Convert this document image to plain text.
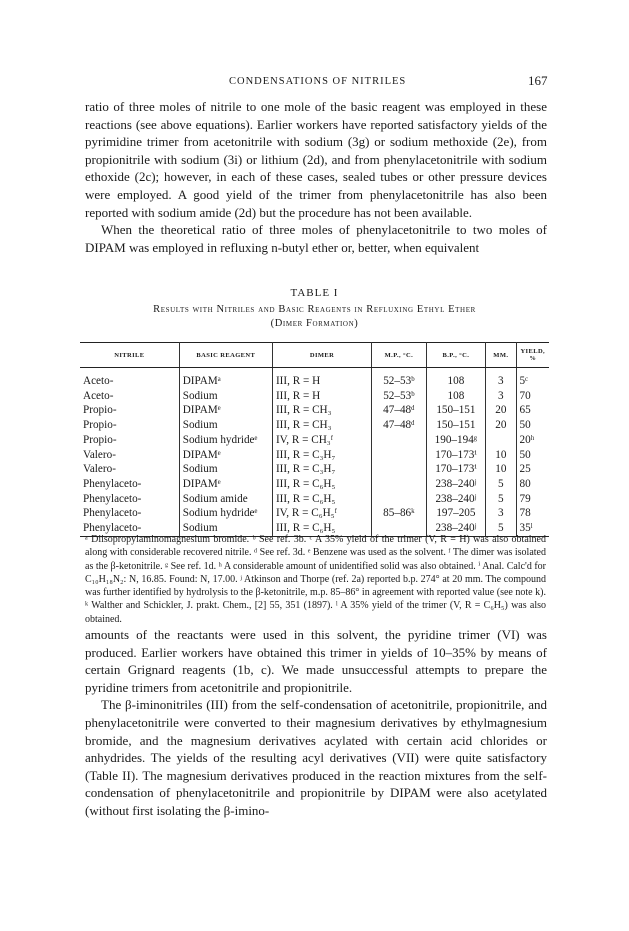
CONDENSATIONS OF NITRILES	167

ratio of three moles of nitrile to one mole of the basic reagent was employed in these reactions (see above equations). Earlier workers have reported satisfactory yields of the pyrimidine trimer from acetonitrile with sodium (3g) or sodium methoxide (2e), from propionitrile with sodium (3i) or lithium (2d), and from phenylacetonitrile with sodium ethoxide (2c); however, in each of these cases, sealed tubes or other pressure devices were employed. A good yield of the trimer from phenylacetonitrile has also been reported with sodium amide (2d) but the procedure has not been available.

When the theoretical ratio of three moles of phenylacetonitrile to two moles of DIPAM was employed in refluxing n-butyl ether or, better, when equivalent

TABLE I
Results with Nitriles and Basic Reagents in Refluxing Ethyl Ether
(Dimer Formation)
NITRILE	BASIC REAGENT	DIMER	M.P., °C.	B.P., °C.	MM.	YIELD, %
Aceto-	DIPAMᵃ	III, R = H	52–53ᵇ	108	3	5ᶜ
Aceto-	Sodium	III, R = H	52–53ᵇ	108	3	70
Propio-	DIPAMᵉ	III, R = CH₃	47–48ᵈ	150–151	20	65
Propio-	Sodium	III, R = CH₃	47–48ᵈ	150–151	20	50
Propio-	Sodium hydrideᵉ	IV, R = CH₃ᶠ		190–194ᵍ		20ʰ
Valero-	DIPAMᵉ	III, R = C₃H₇		170–173ⁱ	10	50
Valero-	Sodium	III, R = C₃H₇		170–173ⁱ	10	25
Phenylaceto-	DIPAMᵉ	III, R = C₆H₅		238–240ʲ	5	80
Phenylaceto-	Sodium amide	III, R = C₆H₅		238–240ʲ	5	79
Phenylaceto-	Sodium hydrideᵉ	IV, R = C₆H₅ᶠ	85–86ᵏ	197–205	3	78
Phenylaceto-	Sodium	III, R = C₆H₅		238–240ʲ	5	35ˡ

ᵃ Diisopropylaminomagnesium bromide. ᵇ See ref. 3b. ᶜ A 35% yield of the trimer (V, R = H) was also obtained along with considerable recovered nitrile. ᵈ See ref. 3d. ᵉ Benzene was used as the solvent. ᶠ The dimer was isolated as the β-ketonitrile. ᵍ See ref. 1d. ʰ A considerable amount of unidentified solid was also obtained. ⁱ Anal. Calc'd for C₁₀H₁₈N₂: N, 16.85. Found: N, 17.00. ʲ Atkinson and Thorpe (ref. 2a) reported b.p. 274° at 20 mm. The compound was further identified by hydrolysis to the β-ketonitrile, m.p. 85–86° in agreement with reported value (see note k). ᵏ Walther and Schickler, J. prakt. Chem., [2] 55, 351 (1897). ˡ A 35% yield of the trimer (V, R = C₆H₅) was also obtained.

amounts of the reactants were used in this solvent, the pyridine trimer (VI) was produced. Earlier workers have obtained this trimer in yields of 10–35% by means of certain Grignard reagents (1b, c). We made unsuccessful attempts to prepare the pyridine trimers from acetonitrile and propionitrile.

The β-iminonitriles (III) from the self-condensation of acetonitrile, propionitrile, and phenylacetonitrile were converted to their magnesium derivatives by ethylmagnesium bromide, and the magnesium derivatives acylated with certain acid chlorides or anhydrides. The yields of the resulting acyl derivatives (VII) were quite satisfactory (Table II). The magnesium derivatives produced in the reaction mixtures from the self-condensation of phenylacetonitrile and propionitrile by DIPAM were also acetylated (without first isolating the β-imino-
